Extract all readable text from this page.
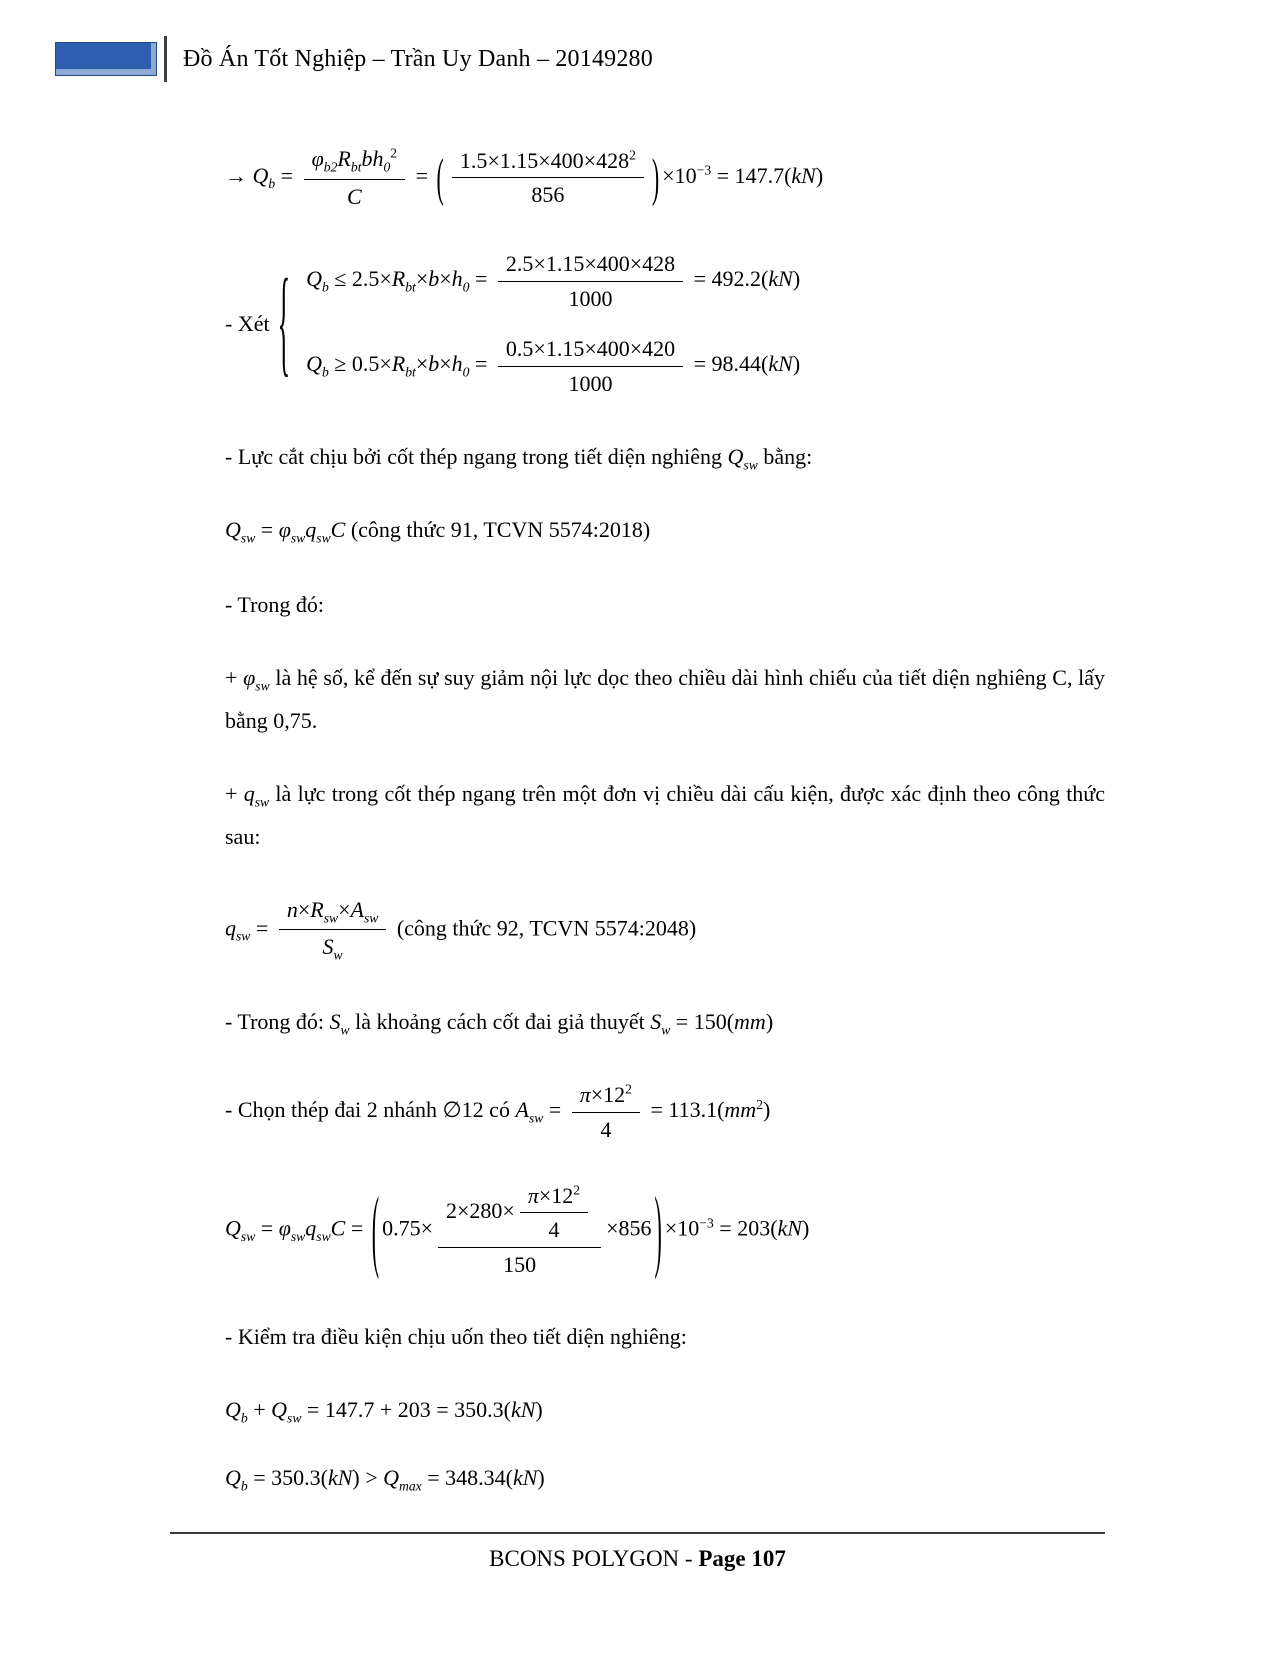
Đồ Án Tốt Nghiệp – Trần Uy Danh – 20149280
→ $Q_b = \frac{\varphi_{b2}R_{bt}bh_0^2}{C}$ = ( $\frac{1.5\times 1.15\times 400\times 428^2}{856}$ ) $\times 10^{-3} = 147.7(kN)$
- Xét { $Q_b \le 2.5\times R_{bt}\times b\times h_0 = \frac{2.5\times 1.15\times 400\times 428}{1000} = 492.2(kN)$
$Q_b \ge 0.5\times R_{bt}\times b\times h_0 = \frac{0.5\times 1.15\times 400\times 420}{1000} = 98.44(kN)$
- Lực cắt chịu bởi cốt thép ngang trong tiết diện nghiêng $Q_{sw}$ bằng:
$Q_{sw} = \varphi_{sw}q_{sw}C$ (công thức 91, TCVN 5574:2018)
- Trong đó:
+ $\varphi_{sw}$ là hệ số, kể đến sự suy giảm nội lực dọc theo chiều dài hình chiếu của tiết diện nghiêng C, lấy bằng 0,75.
+ $q_{sw}$ là lực trong cốt thép ngang trên một đơn vị chiều dài cấu kiện, được xác định theo công thức sau:
$q_{sw} = \frac{n\times R_{sw}\times A_{sw}}{S_w}$ (công thức 92, TCVN 5574:2048)
- Trong đó: $S_w$ là khoảng cách cốt đai giả thuyết $S_w = 150(mm)$
- Chọn thép đai 2 nhánh ∅12 có $A_{sw} = \frac{\pi\times 12^2}{4} = 113.1(mm^2)$
$Q_{sw} = \varphi_{sw}q_{sw}C$ = ( $0.75\times \frac{2\times 280\times \frac{\pi\times 12^2}{4}}{150} \times 856$ ) $\times 10^{-3} = 203(kN)$
- Kiểm tra điều kiện chịu uốn theo tiết diện nghiêng:
$Q_b + Q_{sw} = 147.7 + 203 = 350.3(kN)$
$Q_b = 350.3(kN) > Q_{max} = 348.34(kN)$
BCONS POLYGON - Page 107
